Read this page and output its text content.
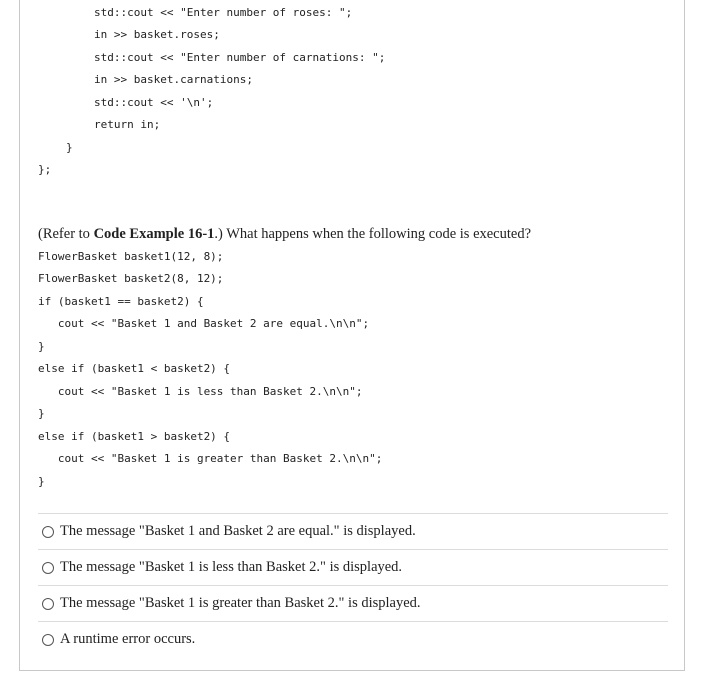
std::cout << "Enter number of roses: ";
in >> basket.roses;
std::cout << "Enter number of carnations: ";
in >> basket.carnations;
std::cout << '\n';
return in;
}
};
(Refer to Code Example 16-1.) What happens when the following code is executed?
FlowerBasket basket1(12, 8);
FlowerBasket basket2(8, 12);
if (basket1 == basket2) {
cout << "Basket 1 and Basket 2 are equal.\n\n";
}
else if (basket1 < basket2) {
cout << "Basket 1 is less than Basket 2.\n\n";
}
else if (basket1 > basket2) {
cout << "Basket 1 is greater than Basket 2.\n\n";
}
The message "Basket 1 and Basket 2 are equal." is displayed.
The message "Basket 1 is less than Basket 2." is displayed.
The message "Basket 1 is greater than Basket 2." is displayed.
A runtime error occurs.
